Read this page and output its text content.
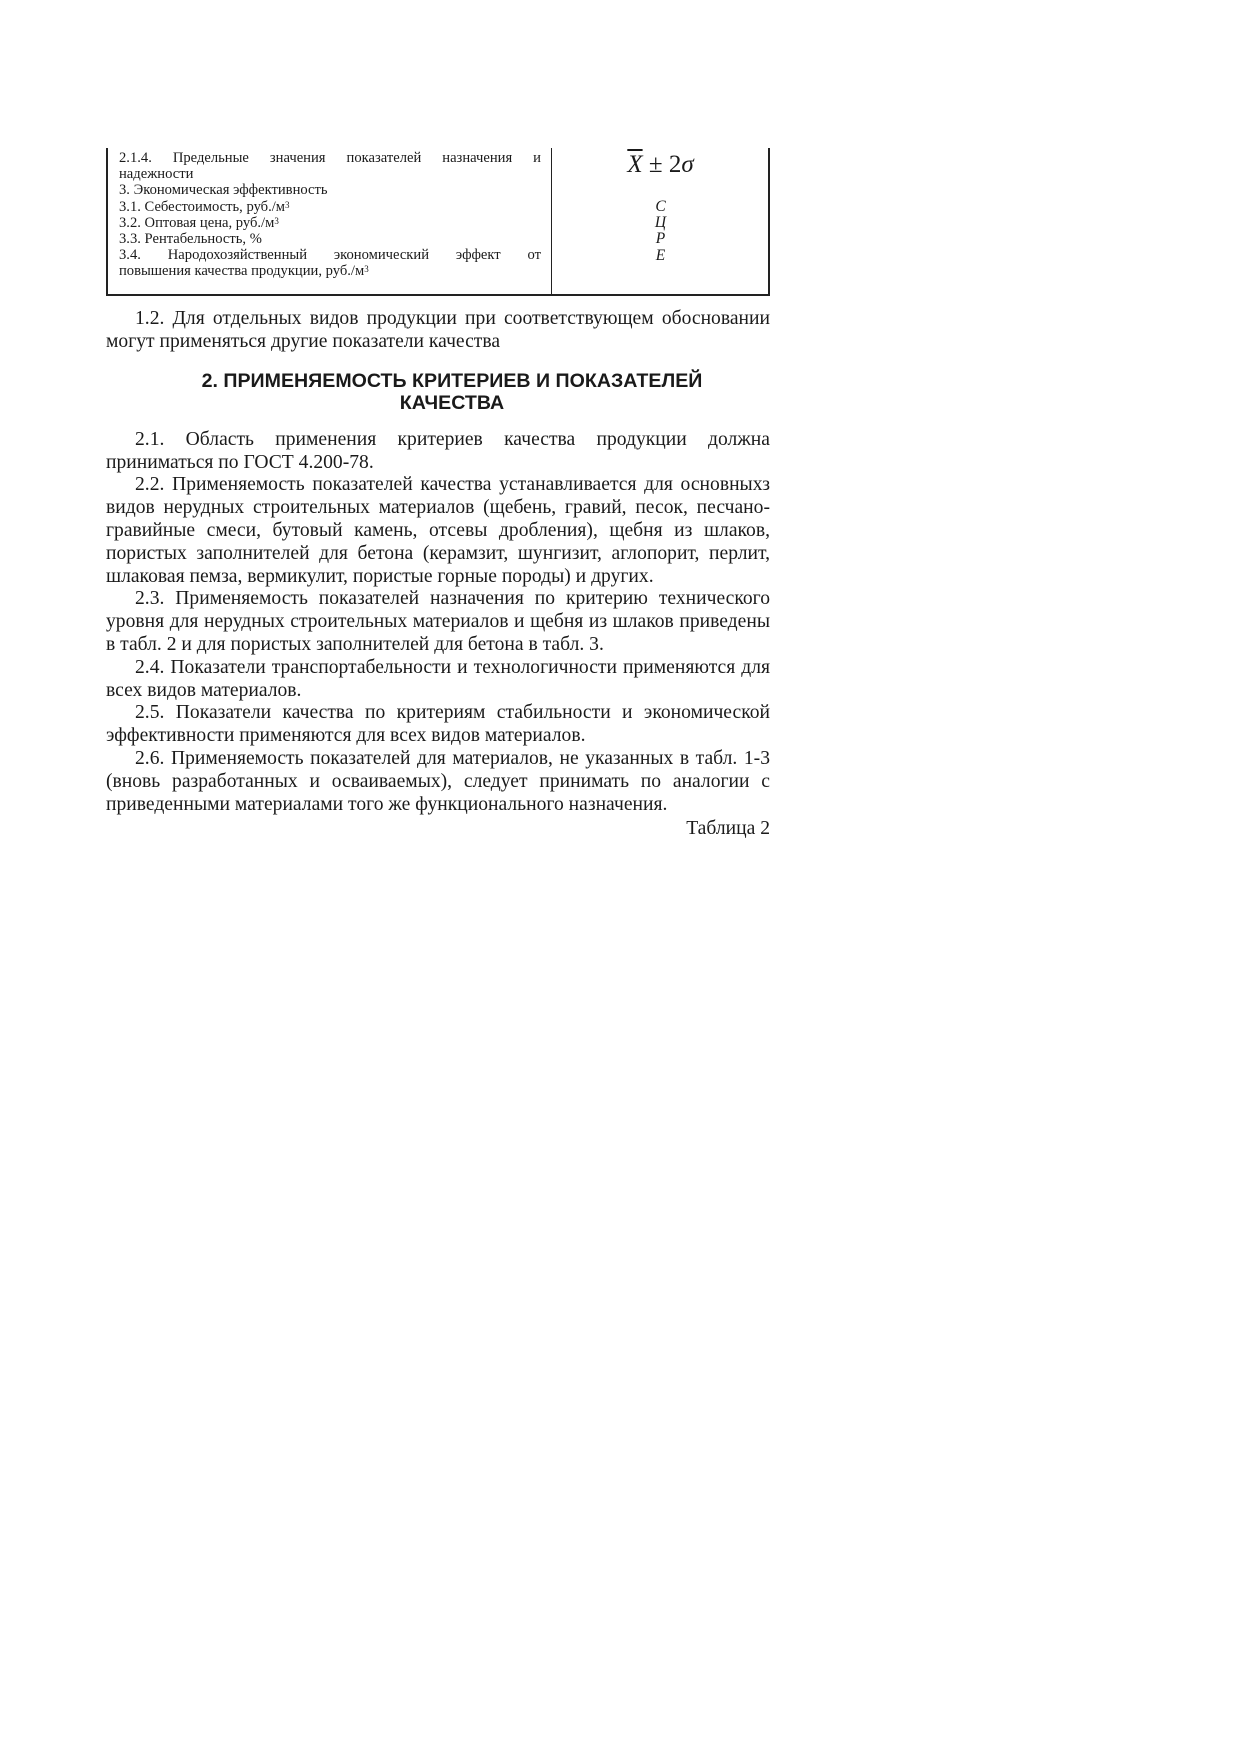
2.1.4. Предельные значения показателей назначения и
надежности
3. Экономическая эффективность
3.1. Себестоимость, $руб./м^3$
3.2. Оптовая цена, $руб./м^3$
3.3. Рентабельность, %
3.4. Народохозяйственный экономический эффект от
повышения качества продукции, $руб./м^3$
$\overline{X} \pm 2\sigma$
С
Ц
Р
Е

1.2. Для отдельных видов продукции при соответствующем обосновании могут применяться другие показатели качества

2. ПРИМЕНЯЕМОСТЬ КРИТЕРИЕВ И ПОКАЗАТЕЛЕЙ
КАЧЕСТВА

2.1. Область применения критериев качества продукции должна приниматься по ГОСТ 4.200-78.

2.2. Применяемость показателей качества устанавливается для основныхз видов нерудных строительных материалов (щебень, гравий, песок, песчано-гравийные смеси, бутовый камень, отсевы дробления), щебня из шлаков, пористых заполнителей для бетона (керамзит, шунгизит, аглопорит, перлит, шлаковая пемза, вермикулит, пористые горные породы) и других.

2.3. Применяемость показателей назначения по критерию технического уровня для нерудных строительных материалов и щебня из шлаков приведены в табл. 2 и для пористых заполнителей для бетона в табл. 3.

2.4. Показатели транспортабельности и технологичности применяются для всех видов материалов.

2.5. Показатели качества по критериям стабильности и экономической эффективности применяются для всех видов материалов.

2.6. Применяемость показателей для материалов, не указанных в табл. 1-3 (вновь разработанных и осваиваемых), следует принимать по аналогии с приведенными материалами того же функционального назначения.

Таблица 2
